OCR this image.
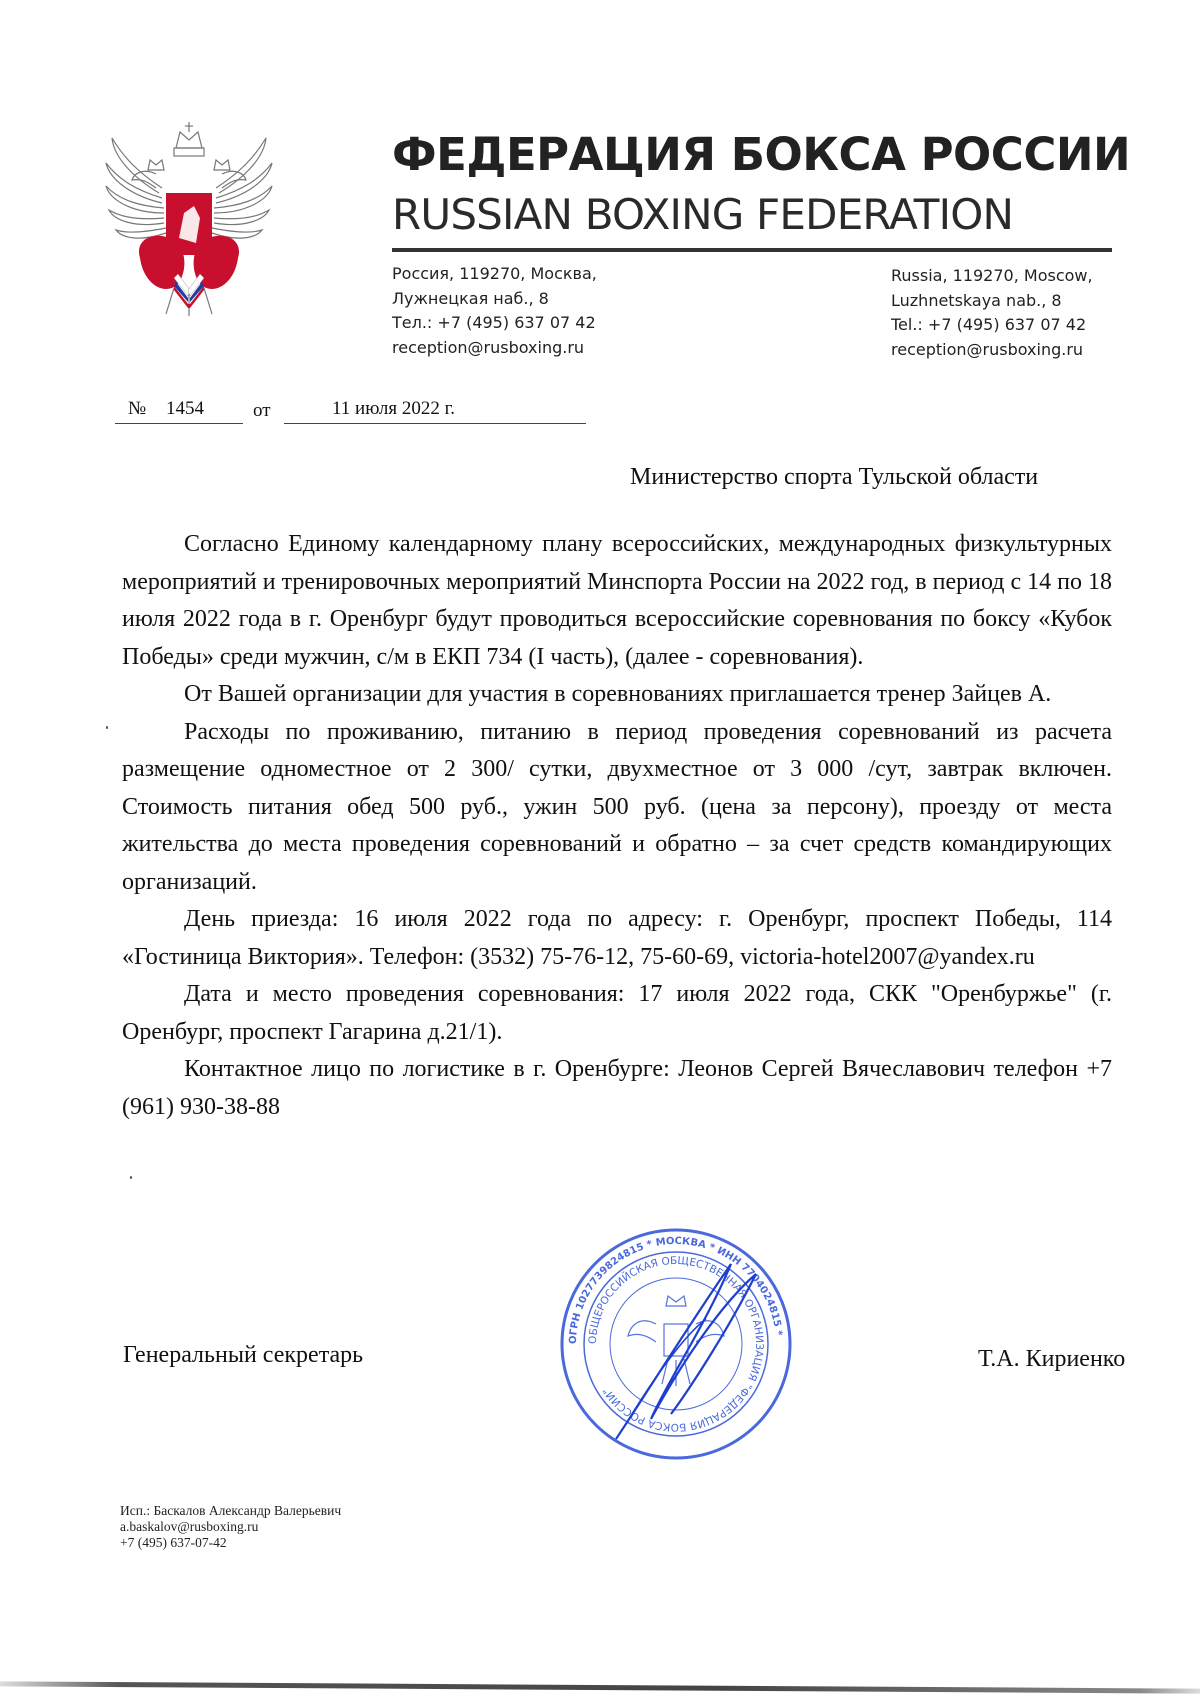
ФЕДЕРАЦИЯ БОКСА РОССИИ
RUSSIAN BOXING FEDERATION
Россия, 119270, Москва,
Лужнецкая наб., 8
Тел.: +7 (495) 637 07 42
reception@rusboxing.ru
Russia, 119270, Moscow,
Luzhnetskaya nab., 8
Tel.: +7 (495) 637 07 42
reception@rusboxing.ru
№ 1454	от	11 июля 2022 г.
Министерство спорта Тульской области

Согласно Единому календарному плану всероссийских, международных физкультурных мероприятий и тренировочных мероприятий Минспорта России на 2022 год, в период с 14 по 18 июля 2022 года в г. Оренбург будут проводиться всероссийские соревнования по боксу «Кубок Победы» среди мужчин, с/м в ЕКП 734 (I часть), (далее - соревнования).

От Вашей организации для участия в соревнованиях приглашается тренер Зайцев А.

Расходы по проживанию, питанию в период проведения соревнований из расчета размещение одноместное от 2 300/ сутки, двухместное от 3 000 /сут, завтрак включен. Стоимость питания обед 500 руб., ужин 500 руб. (цена за персону), проезду от места жительства до места проведения соревнований и обратно – за счет средств командирующих организаций.

День приезда: 16 июля 2022 года по адресу: г. Оренбург, проспект Победы, 114 «Гостиница Виктория». Телефон: (3532) 75-76-12, 75-60-69, victoria-hotel2007@yandex.ru

Дата и место проведения соревнования: 17 июля 2022 года, СКК "Оренбуржье" (г. Оренбург, проспект Гагарина д.21/1).

Контактное лицо по логистике в г. Оренбурге: Леонов Сергей Вячеславович телефон +7 (961) 930-38-88

Генеральный секретарь	Т.А. Кириенко
ОГРН 1027739824815 * МОСКВА * ИНН 7704024815 *
ОБЩЕРОССИЙСКАЯ ОБЩЕСТВЕННАЯ ОРГАНИЗАЦИЯ "ФЕДЕРАЦИЯ БОКСА РОССИИ"
Исп.: Баскалов Александр Валерьевич
a.baskalov@rusboxing.ru
+7 (495) 637-07-42
